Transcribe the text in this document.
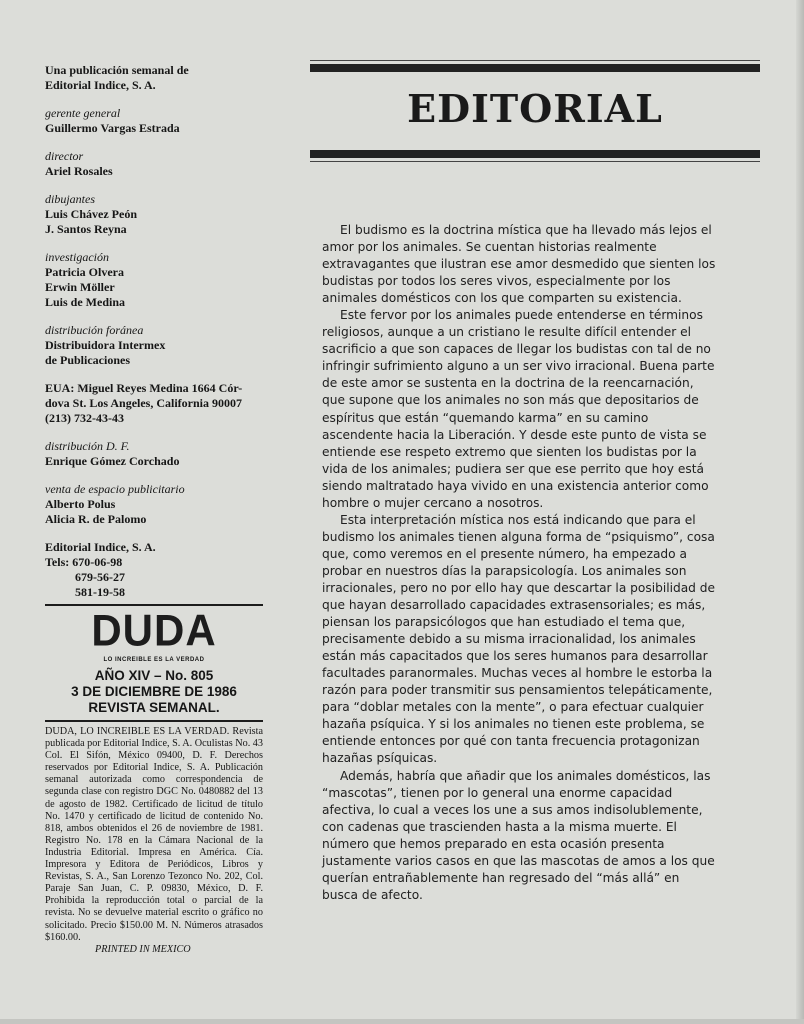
Una publicación semanal de
Editorial Indice, S. A.
gerente general
Guillermo Vargas Estrada
director
Ariel Rosales
dibujantes
Luis Chávez Peón
J. Santos Reyna
investigación
Patricia Olvera
Erwin Möller
Luis de Medina
distribución foránea
Distribuidora Intermex
de Publicaciones
EUA: Miguel Reyes Medina 1664 Cór-
dova St. Los Angeles, California 90007
(213) 732-43-43
distribución D. F.
Enrique Gómez Corchado
venta de espacio publicitario
Alberto Polus
Alicia R. de Palomo
Editorial Indice, S. A.
Tels: 670-06-98
679-56-27
581-19-58
DUDA
LO INCREIBLE ES LA VERDAD
AÑO XIV – No. 805
3 DE DICIEMBRE DE 1986
REVISTA SEMANAL.
DUDA, LO INCREIBLE ES LA VERDAD. Revista publicada por Editorial Indice, S. A. Oculistas No. 43 Col. El Sifón, México 09400, D. F. Derechos reservados por Editorial Indice, S. A. Publicación semanal autorizada como correspondencia de segunda clase con registro DGC No. 0480882 del 13 de agosto de 1982. Certificado de licitud de título No. 1470 y certificado de licitud de contenido No. 818, ambos obtenidos el 26 de noviembre de 1981. Registro No. 178 en la Cámara Nacional de la Industria Editorial. Impresa en América. Cía. Impresora y Editora de Periódicos, Libros y Revistas, S. A., San Lorenzo Tezonco No. 202, Col. Paraje San Juan, C. P. 09830, México, D. F. Prohibida la reproducción total o parcial de la revista. No se devuelve material escrito o gráfico no solicitado. Precio $150.00 M. N. Números atrasados $160.00.
PRINTED IN MEXICO
EDITORIAL

El budismo es la doctrina mística que ha llevado más lejos el amor por los animales. Se cuentan historias realmente extravagantes que ilustran ese amor desmedido que sienten los budistas por todos los seres vivos, especialmente por los animales domésticos con los que comparten su existencia.

Este fervor por los animales puede entenderse en términos religiosos, aunque a un cristiano le resulte difícil entender el sacrificio a que son capaces de llegar los budistas con tal de no infringir sufrimiento alguno a un ser vivo irracional. Buena parte de este amor se sustenta en la doctrina de la reencarnación, que supone que los animales no son más que depositarios de espíritus que están “quemando karma” en su camino ascendente hacia la Liberación. Y desde este punto de vista se entiende ese respeto extremo que sienten los budistas por la vida de los animales; pudiera ser que ese perrito que hoy está siendo maltratado haya vivido en una existencia anterior como hombre o mujer cercano a nosotros.

Esta interpretación mística nos está indicando que para el budismo los animales tienen alguna forma de “psiquismo”, cosa que, como veremos en el presente número, ha empezado a probar en nuestros días la parapsicología. Los animales son irracionales, pero no por ello hay que descartar la posibilidad de que hayan desarrollado capacidades extrasensoriales; es más, piensan los parapsicólogos que han estudiado el tema que, precisamente debido a su misma irracionalidad, los animales están más capacitados que los seres humanos para desarrollar facultades paranormales. Muchas veces al hombre le estorba la razón para poder transmitir sus pensamientos telepáticamente, para “doblar metales con la mente”, o para efectuar cualquier hazaña psíquica. Y si los animales no tienen este problema, se entiende entonces por qué con tanta frecuencia protagonizan hazañas psíquicas.

Además, habría que añadir que los animales domésticos, las “mascotas”, tienen por lo general una enorme capacidad afectiva, lo cual a veces los une a sus amos indisolublemente, con cadenas que trascienden hasta a la misma muerte. El número que hemos preparado en esta ocasión presenta justamente varios casos en que las mascotas de amos a los que querían entrañablemente han regresado del “más allá” en busca de afecto.
